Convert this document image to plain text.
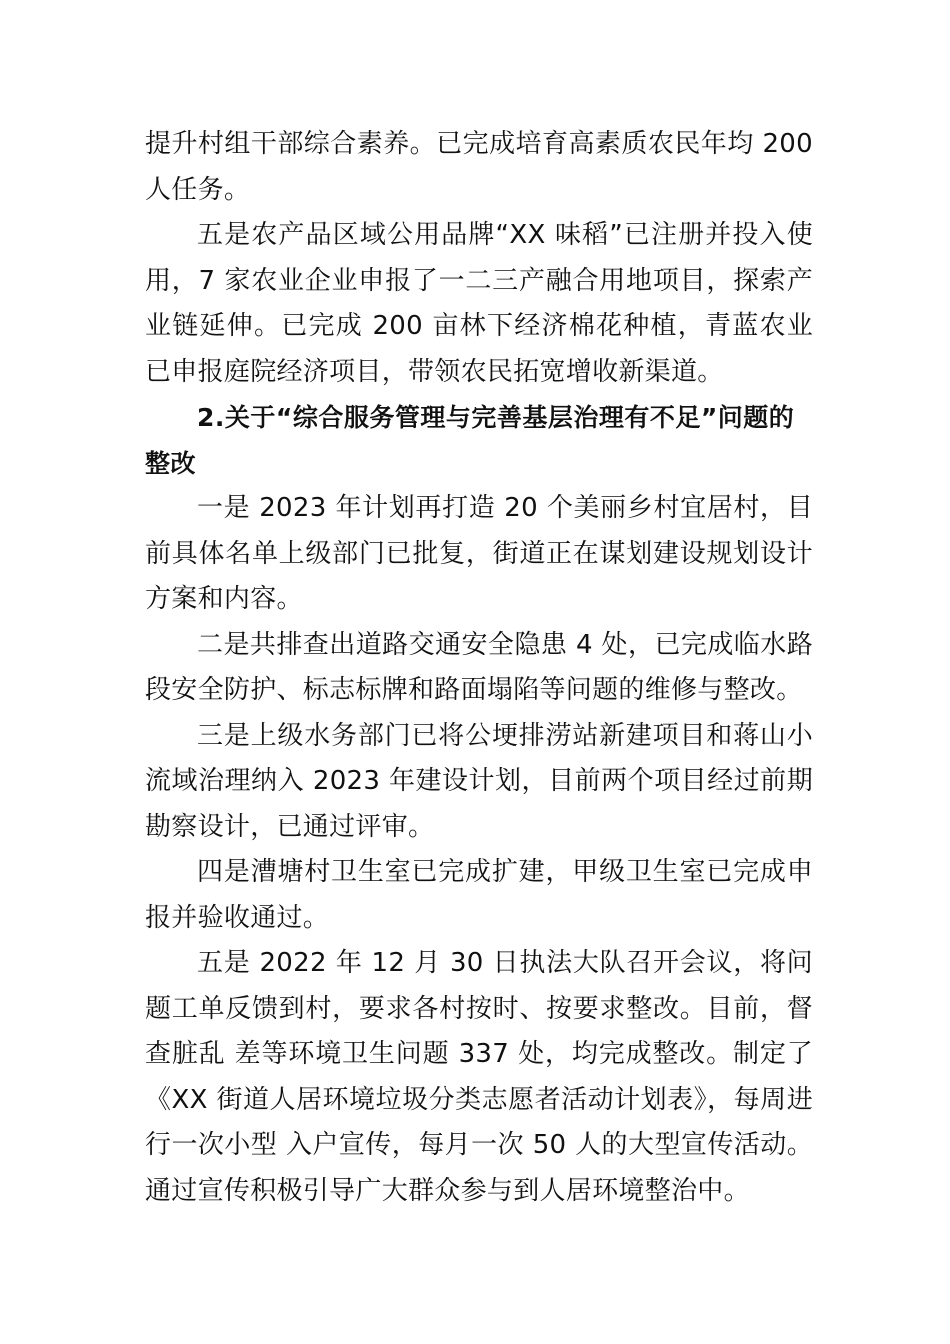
提升村组干部综合素养。已完成培育高素质农民年均 200 人任务。

五是农产品区域公用品牌“XX 味稻”已注册并投入使用，7 家农业企业申报了一二三产融合用地项目，探索产业链延伸。已完成 200 亩林下经济棉花种植，青蓝农业已申报庭院经济项目，带领农民拓宽增收新渠道。

2.关于“综合服务管理与完善基层治理有不足”问题的整改

一是 2023 年计划再打造 20 个美丽乡村宜居村，目前具体名单上级部门已批复，街道正在谋划建设规划设计方案和内容。

二是共排查出道路交通安全隐患 4 处，已完成临水路段安全防护、标志标牌和路面塌陷等问题的维修与整改。

三是上级水务部门已将公埂排涝站新建项目和蒋山小流域治理纳入 2023 年建设计划，目前两个项目经过前期勘察设计，已通过评审。

四是漕塘村卫生室已完成扩建，甲级卫生室已完成申报并验收通过。

五是 2022 年 12 月 30 日执法大队召开会议，将问题工单反馈到村，要求各村按时、按要求整改。目前，督查脏乱 差等环境卫生问题 337 处，均完成整改。制定了《XX 街道人居环境垃圾分类志愿者活动计划表》，每周进行一次小型 入户宣传，每月一次 50 人的大型宣传活动。通过宣传积极引导广大群众参与到人居环境整治中。
